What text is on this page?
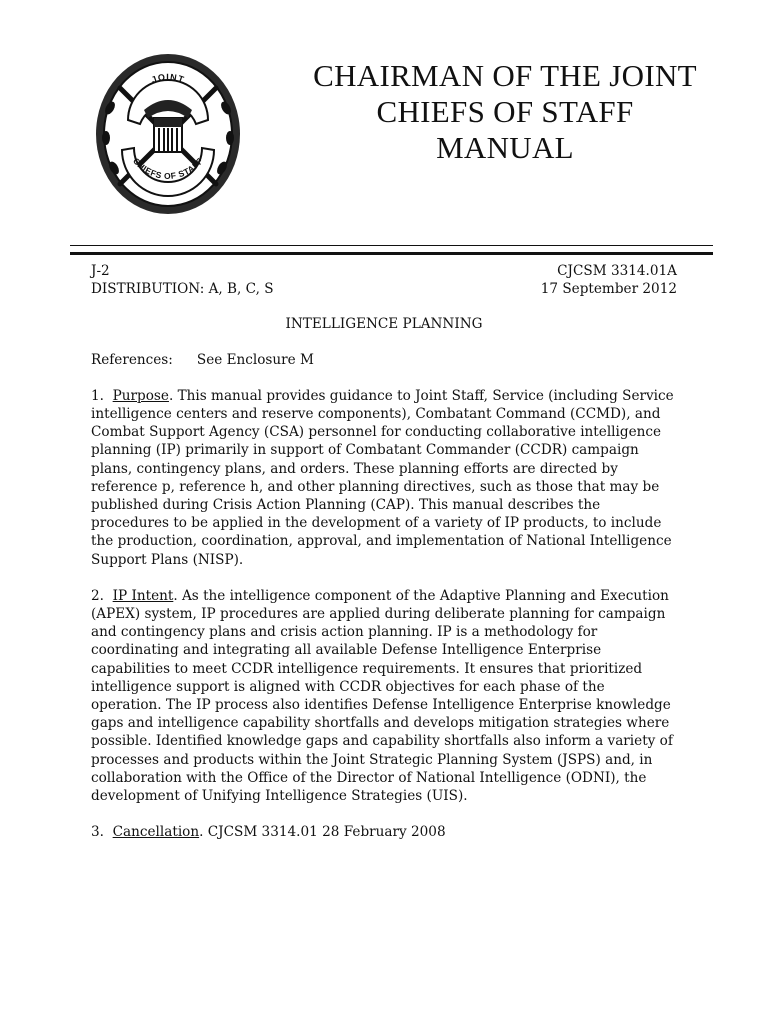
JOINT
CHIEFS OF STAFF
CHAIRMAN OF THE JOINT
CHIEFS OF STAFF
MANUAL
J-2	CJCSM 3314.01A
DISTRIBUTION: A, B, C, S	17 September 2012
INTELLIGENCE PLANNING
References: See Enclosure M
1. Purpose. This manual provides guidance to Joint Staff, Service (including Service intelligence centers and reserve components), Combatant Command (CCMD), and Combat Support Agency (CSA) personnel for conducting collaborative intelligence planning (IP) primarily in support of Combatant Commander (CCDR) campaign plans, contingency plans, and orders. These planning efforts are directed by reference p, reference h, and other planning directives, such as those that may be published during Crisis Action Planning (CAP). This manual describes the procedures to be applied in the development of a variety of IP products, to include the production, coordination, approval, and implementation of National Intelligence Support Plans (NISP).
2. IP Intent. As the intelligence component of the Adaptive Planning and Execution (APEX) system, IP procedures are applied during deliberate planning for campaign and contingency plans and crisis action planning. IP is a methodology for coordinating and integrating all available Defense Intelligence Enterprise capabilities to meet CCDR intelligence requirements. It ensures that prioritized intelligence support is aligned with CCDR objectives for each phase of the operation. The IP process also identifies Defense Intelligence Enterprise knowledge gaps and intelligence capability shortfalls and develops mitigation strategies where possible. Identified knowledge gaps and capability shortfalls also inform a variety of processes and products within the Joint Strategic Planning System (JSPS) and, in collaboration with the Office of the Director of National Intelligence (ODNI), the development of Unifying Intelligence Strategies (UIS).
3. Cancellation. CJCSM 3314.01 28 February 2008
